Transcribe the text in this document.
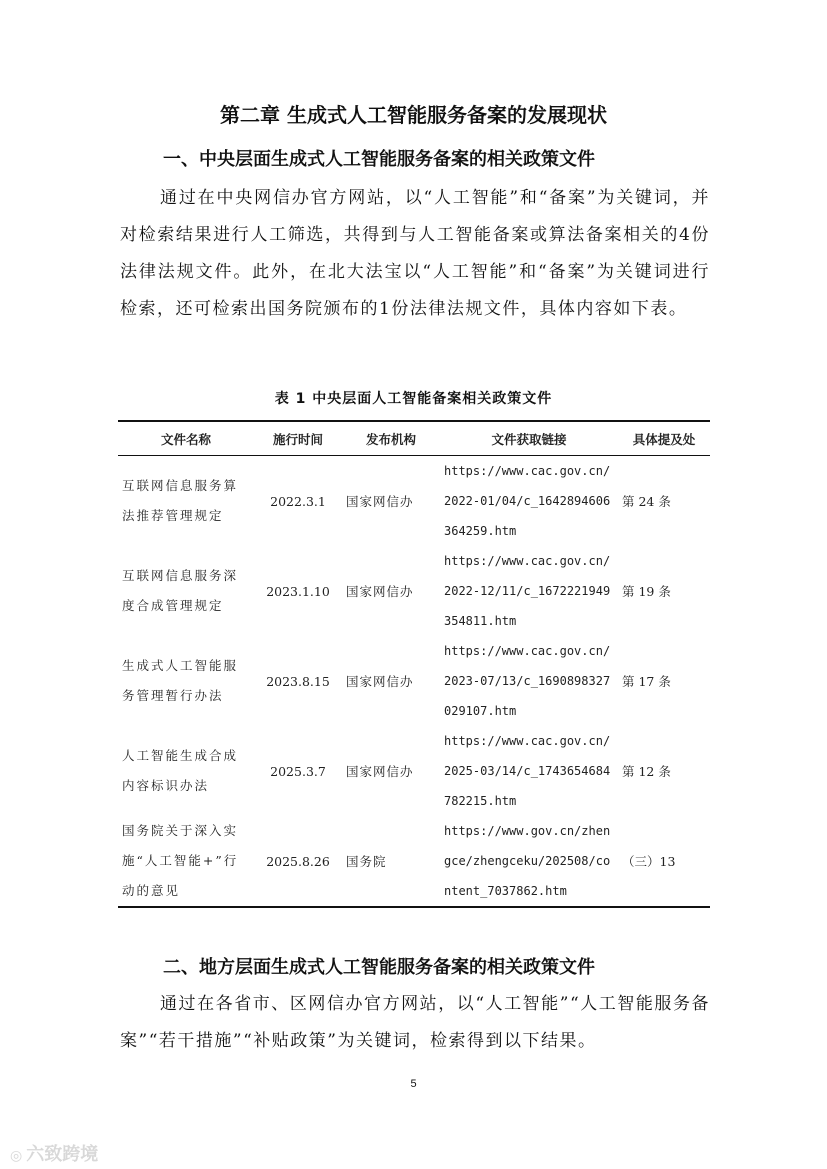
第二章 生成式人工智能服务备案的发展现状
一、中央层面生成式人工智能服务备案的相关政策文件
通过在中央网信办官方网站，以“人工智能”和“备案”为关键词，并对检索结果进行人工筛选，共得到与人工智能备案或算法备案相关的4份法律法规文件。此外，在北大法宝以“人工智能”和“备案”为关键词进行检索，还可检索出国务院颁布的1份法律法规文件，具体内容如下表。
表 1 中央层面人工智能备案相关政策文件
文件名称	施行时间	发布机构	文件获取链接	具体提及处
互联网信息服务算法推荐管理规定	2022.3.1	国家网信办	https://www.cac.gov.cn/2022-01/04/c_1642894606364259.htm	第 24 条
互联网信息服务深度合成管理规定	2023.1.10	国家网信办	https://www.cac.gov.cn/2022-12/11/c_1672221949354811.htm	第 19 条
生成式人工智能服务管理暂行办法	2023.8.15	国家网信办	https://www.cac.gov.cn/2023-07/13/c_1690898327029107.htm	第 17 条
人工智能生成合成内容标识办法	2025.3.7	国家网信办	https://www.cac.gov.cn/2025-03/14/c_1743654684782215.htm	第 12 条
国务院关于深入实施“人工智能+”行动的意见	2025.8.26	国务院	https://www.gov.cn/zhengce/zhengceku/202508/content_7037862.htm	（三）13
二、地方层面生成式人工智能服务备案的相关政策文件
通过在各省市、区网信办官方网站，以“人工智能”“人工智能服务备案”“若干措施”“补贴政策”为关键词，检索得到以下结果。
5
◎ 六致跨境
